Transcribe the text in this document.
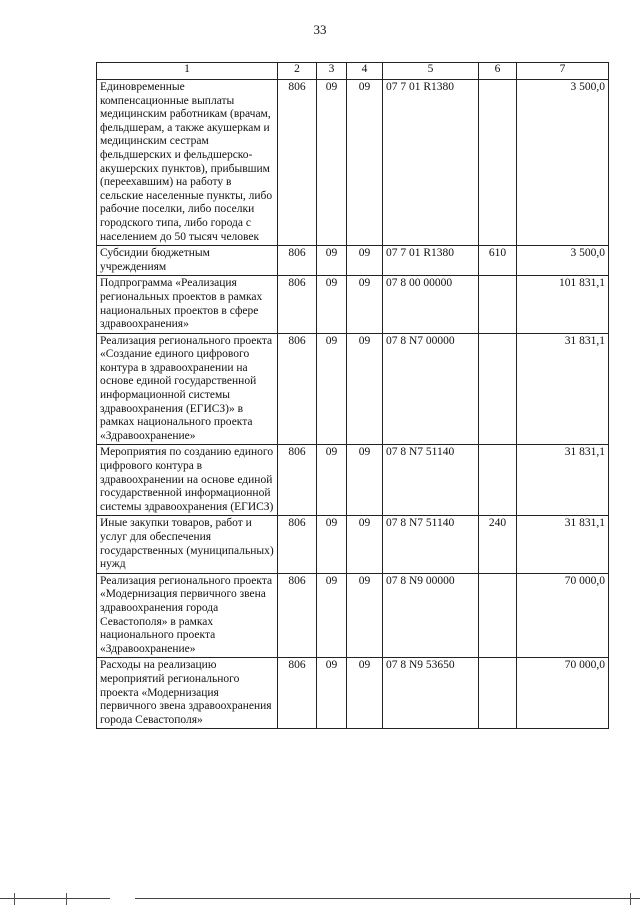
33
1	2	3	4	5	6	7
Единовременные компенсационные выплаты медицинским работникам (врачам, фельдшерам, а также акушеркам и медицинским сестрам фельдшерских и фельдшерско-акушерских пунктов), прибывшим (переехавшим) на работу в сельские населенные пункты, либо рабочие поселки, либо поселки городского типа, либо города с населением до 50 тысяч человек	806	09	09	07 7 01 R1380		3 500,0
Субсидии бюджетным учреждениям	806	09	09	07 7 01 R1380	610	3 500,0
Подпрограмма «Реализация региональных проектов в рамках национальных проектов в сфере здравоохранения»	806	09	09	07 8 00 00000		101 831,1
Реализация регионального проекта «Создание единого цифрового контура в здравоохранении на основе единой государственной информационной системы здравоохранения (ЕГИСЗ)» в рамках национального проекта «Здравоохранение»	806	09	09	07 8 N7 00000		31 831,1
Мероприятия по созданию единого цифрового контура в здравоохранении на основе единой государственной информационной системы здравоохранения (ЕГИСЗ)	806	09	09	07 8 N7 51140		31 831,1
Иные закупки товаров, работ и услуг для обеспечения государственных (муниципальных) нужд	806	09	09	07 8 N7 51140	240	31 831,1
Реализация регионального проекта «Модернизация первичного звена здравоохранения города Севастополя» в рамках национального проекта «Здравоохранение»	806	09	09	07 8 N9 00000		70 000,0
Расходы на реализацию мероприятий регионального проекта «Модернизация первичного звена здравоохранения города Севастополя»	806	09	09	07 8 N9 53650		70 000,0
